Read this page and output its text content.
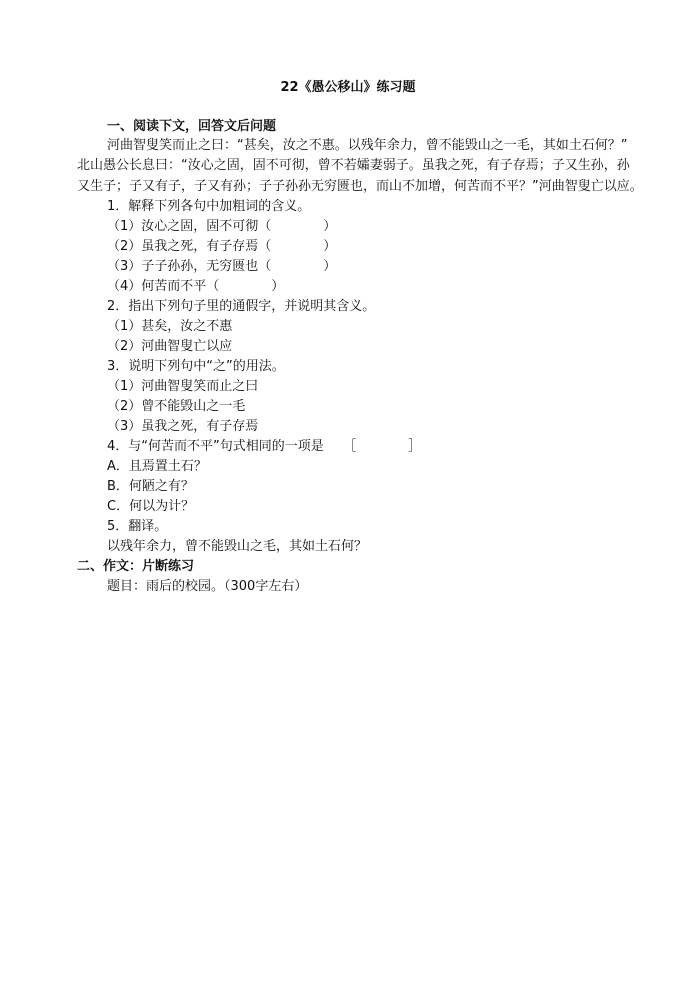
22《愚公移山》练习题
一、阅读下文，回答文后问题
河曲智叟笑而止之曰：“甚矣，汝之不惠。以残年余力，曾不能毁山之一毛，其如土石何？”
北山愚公长息曰：“汝心之固，固不可彻，曾不若孀妻弱子。虽我之死，有子存焉；子又生孙，孙
又生子；子又有子，子又有孙；子子孙孙无穷匮也，而山不加增，何苦而不平？”河曲智叟亡以应。
1．解释下列各句中加粗词的含义。
（1）汝心之固，固不可彻（　　　　）
（2）虽我之死，有子存焉（　　　　）
（3）子子孙孙，无穷匮也（　　　　）
（4）何苦而不平（　　　　）
2．指出下列句子里的通假字，并说明其含义。
（1）甚矣，汝之不惠
（2）河曲智叟亡以应
3．说明下列句中“之”的用法。
（1）河曲智叟笑而止之曰
（2）曾不能毁山之一毛
（3）虽我之死，有子存焉
4．与“何苦而不平”句式相同的一项是　　［　　　　］
A．且焉置土石？
B．何陋之有？
C．何以为计？
5．翻译。
以残年余力，曾不能毁山之毛，其如土石何？
二、作文：片断练习
题目：雨后的校园。（300字左右）
